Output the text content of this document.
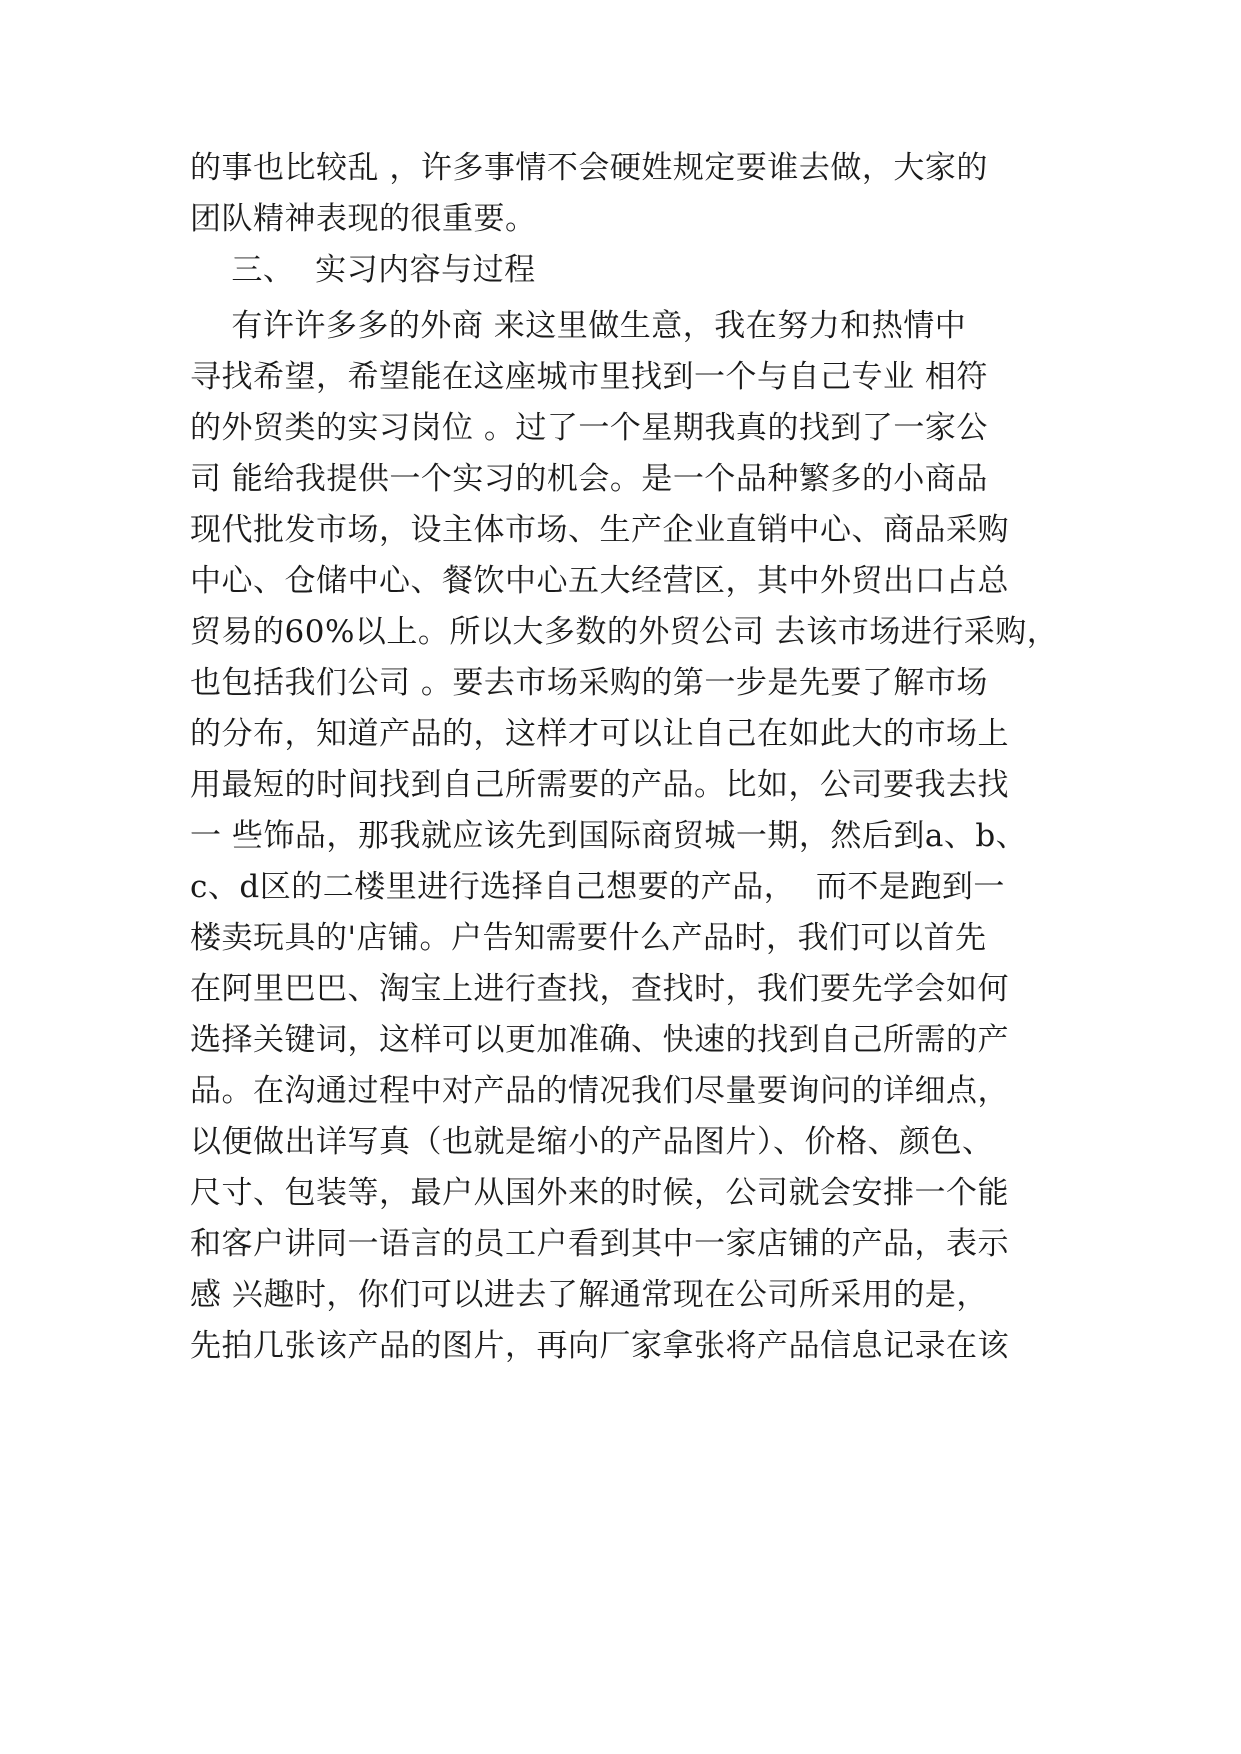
的事也比较乱 ，许多事情不会硬姓规定要谁去做，大家的
团队精神表现的很重要。
三、  实习内容与过程
有许许多多的外商 来这里做生意，我在努力和热情中
寻找希望，希望能在这座城市里找到一个与自己专业 相符
的外贸类的实习岗位 。过了一个星期我真的找到了一家公
司 能给我提供一个实习的机会。是一个品种繁多的小商品
现代批发市场，设主体市场、生产企业直销中心、商品采购
中心、仓储中心、餐饮中心五大经营区，其中外贸出口占总
贸易的60%以上。所以大多数的外贸公司 去该市场进行采购，
也包括我们公司 。要去市场采购的第一步是先要了解市场
的分布，知道产品的，这样才可以让自己在如此大的市场上
用最短的时间找到自己所需要的产品。比如，公司要我去找
一 些饰品，那我就应该先到国际商贸城一期，然后到a、b、
c、d区的二楼里进行选择自己想要的产品，  而不是跑到一
楼卖玩具的'店铺。户告知需要什么产品时，我们可以首先
在阿里巴巴、淘宝上进行查找，查找时，我们要先学会如何
选择关键词，这样可以更加准确、快速的找到自己所需的产
品。在沟通过程中对产品的情况我们尽量要询问的详细点，
以便做出详写真（也就是缩小的产品图片）、价格、颜色、
尺寸、包装等，最户从国外来的时候，公司就会安排一个能
和客户讲同一语言的员工户看到其中一家店铺的产品，表示
感 兴趣时，你们可以进去了解通常现在公司所采用的是，
先拍几张该产品的图片，再向厂家拿张将产品信息记录在该
